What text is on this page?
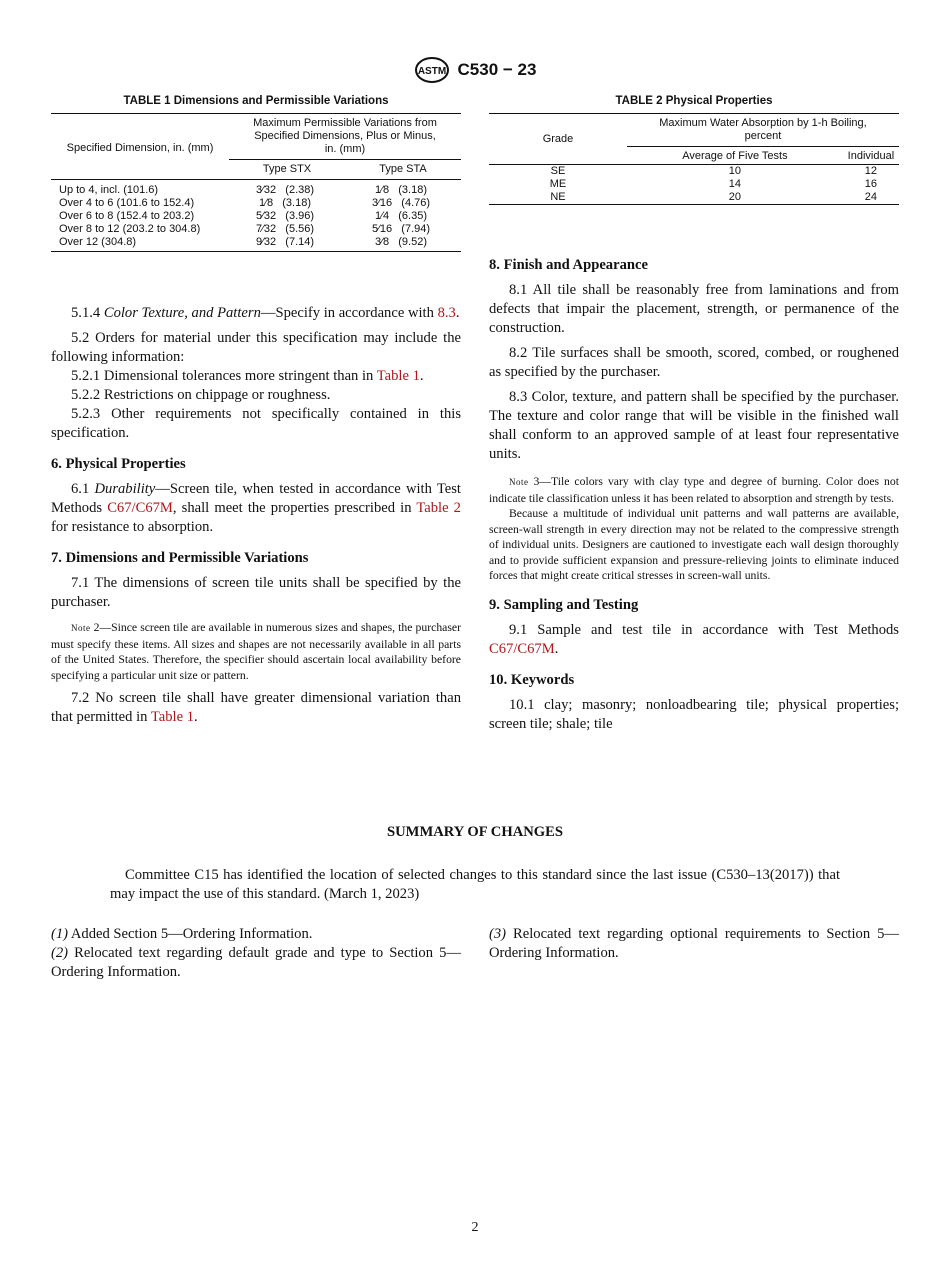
ASTM C530 − 23
TABLE 1 Dimensions and Permissible Variations
Specified Dimension, in. (mm)	Maximum Permissible Variations from Specified Dimensions, Plus or Minus, in. (mm)	
	Type STX	Type STA
Up to 4, incl. (101.6)	3⁄32   (2.38)	1⁄8   (3.18)
Over 4 to 6 (101.6 to 152.4)	1⁄8   (3.18)	3⁄16   (4.76)
Over 6 to 8 (152.4 to 203.2)	5⁄32   (3.96)	1⁄4   (6.35)
Over 8 to 12 (203.2 to 304.8)	7⁄32   (5.56)	5⁄16   (7.94)
Over 12 (304.8)	9⁄32   (7.14)	3⁄8   (9.52)
TABLE 2 Physical Properties
Grade	Maximum Water Absorption by 1-h Boiling, percent	
	Average of Five Tests	Individual
SE	10	12
ME	14	16
NE	20	24

5.1.4 Color Texture, and Pattern—Specify in accordance with 8.3.

5.2 Orders for material under this specification may include the following information:

5.2.1 Dimensional tolerances more stringent than in Table 1.

5.2.2 Restrictions on chippage or roughness.

5.2.3 Other requirements not specifically contained in this specification.

6. Physical Properties

6.1 Durability—Screen tile, when tested in accordance with Test Methods C67/C67M, shall meet the properties prescribed in Table 2 for resistance to absorption.

7. Dimensions and Permissible Variations

7.1 The dimensions of screen tile units shall be specified by the purchaser.

Note 2—Since screen tile are available in numerous sizes and shapes, the purchaser must specify these items. All sizes and shapes are not necessarily available in all parts of the United States. Therefore, the specifier should ascertain local availability before specifying a particular unit size or pattern.

7.2 No screen tile shall have greater dimensional variation than that permitted in Table 1.

8. Finish and Appearance

8.1 All tile shall be reasonably free from laminations and from defects that impair the placement, strength, or permanence of the construction.

8.2 Tile surfaces shall be smooth, scored, combed, or roughened as specified by the purchaser.

8.3 Color, texture, and pattern shall be specified by the purchaser. The texture and color range that will be visible in the finished wall shall conform to an approved sample of at least four representative units.

Note 3—Tile colors vary with clay type and degree of burning. Color does not indicate tile classification unless it has been related to absorption and strength by tests.

Because a multitude of individual unit patterns and wall patterns are available, screen-wall strength in every direction may not be related to the compressive strength of individual units. Designers are cautioned to investigate each wall design thoroughly and to provide sufficient expansion and pressure-relieving joints to eliminate induced forces that might create critical stresses in screen-wall units.

9. Sampling and Testing

9.1 Sample and test tile in accordance with Test Methods C67/C67M.

10. Keywords

10.1 clay; masonry; nonloadbearing tile; physical properties; screen tile; shale; tile

SUMMARY OF CHANGES

Committee C15 has identified the location of selected changes to this standard since the last issue (C530–13(2017)) that may impact the use of this standard. (March 1, 2023)

(1) Added Section 5—Ordering Information.

(2) Relocated text regarding default grade and type to Section 5—Ordering Information.

(3) Relocated text regarding optional requirements to Section 5—Ordering Information.

2
